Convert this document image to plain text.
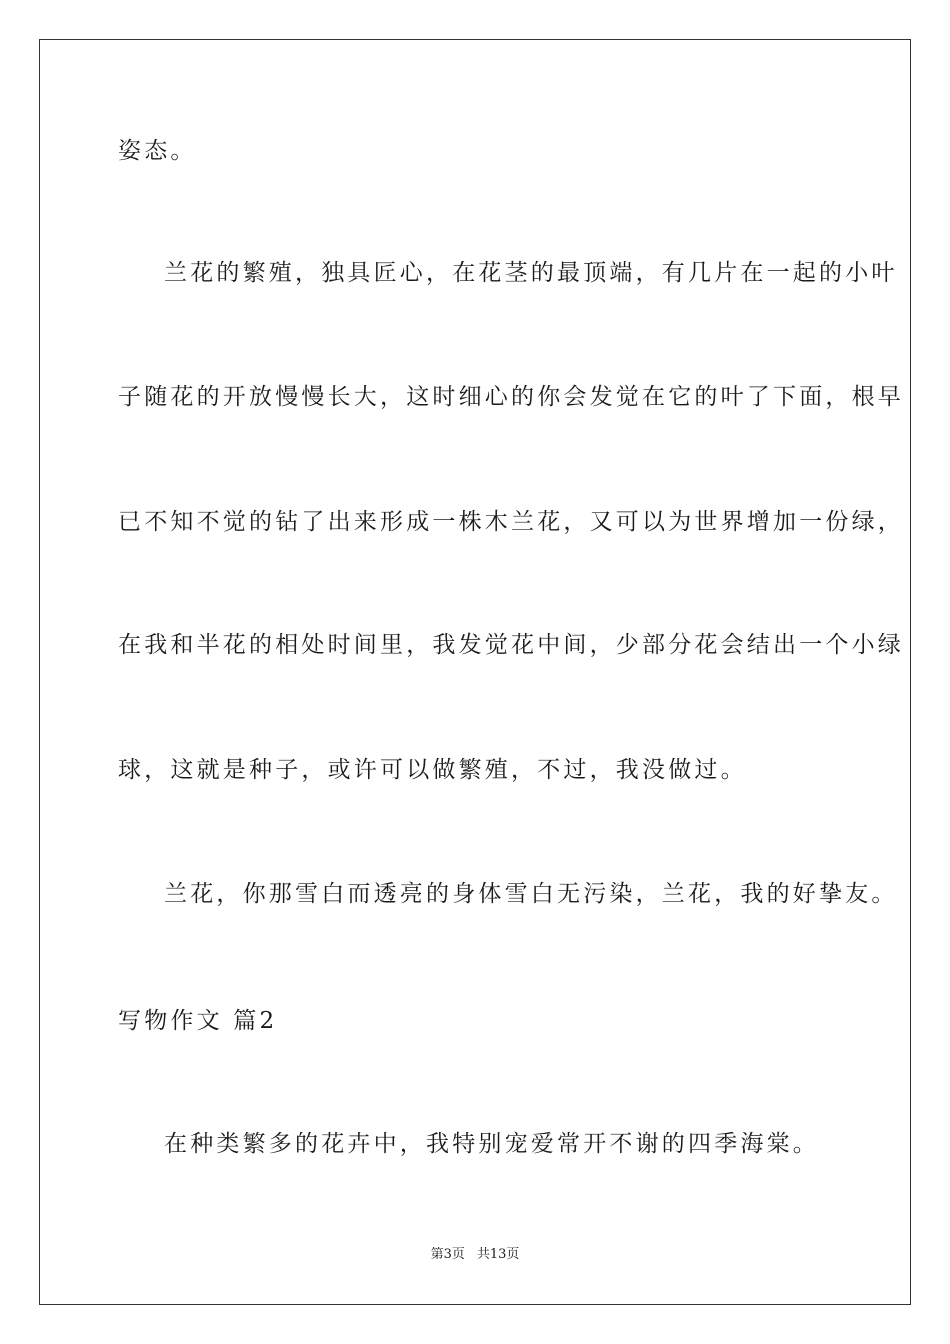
姿态。
兰花的繁殖，独具匠心，在花茎的最顶端，有几片在一起的小叶
子随花的开放慢慢长大，这时细心的你会发觉在它的叶了下面，根早
已不知不觉的钻了出来形成一株木兰花，又可以为世界增加一份绿，
在我和半花的相处时间里，我发觉花中间，少部分花会结出一个小绿
球，这就是种子，或许可以做繁殖，不过，我没做过。
兰花，你那雪白而透亮的身体雪白无污染，兰花，我的好挚友。
写物作文 篇2
在种类繁多的花卉中，我特别宠爱常开不谢的四季海棠。
第3页 共13页
